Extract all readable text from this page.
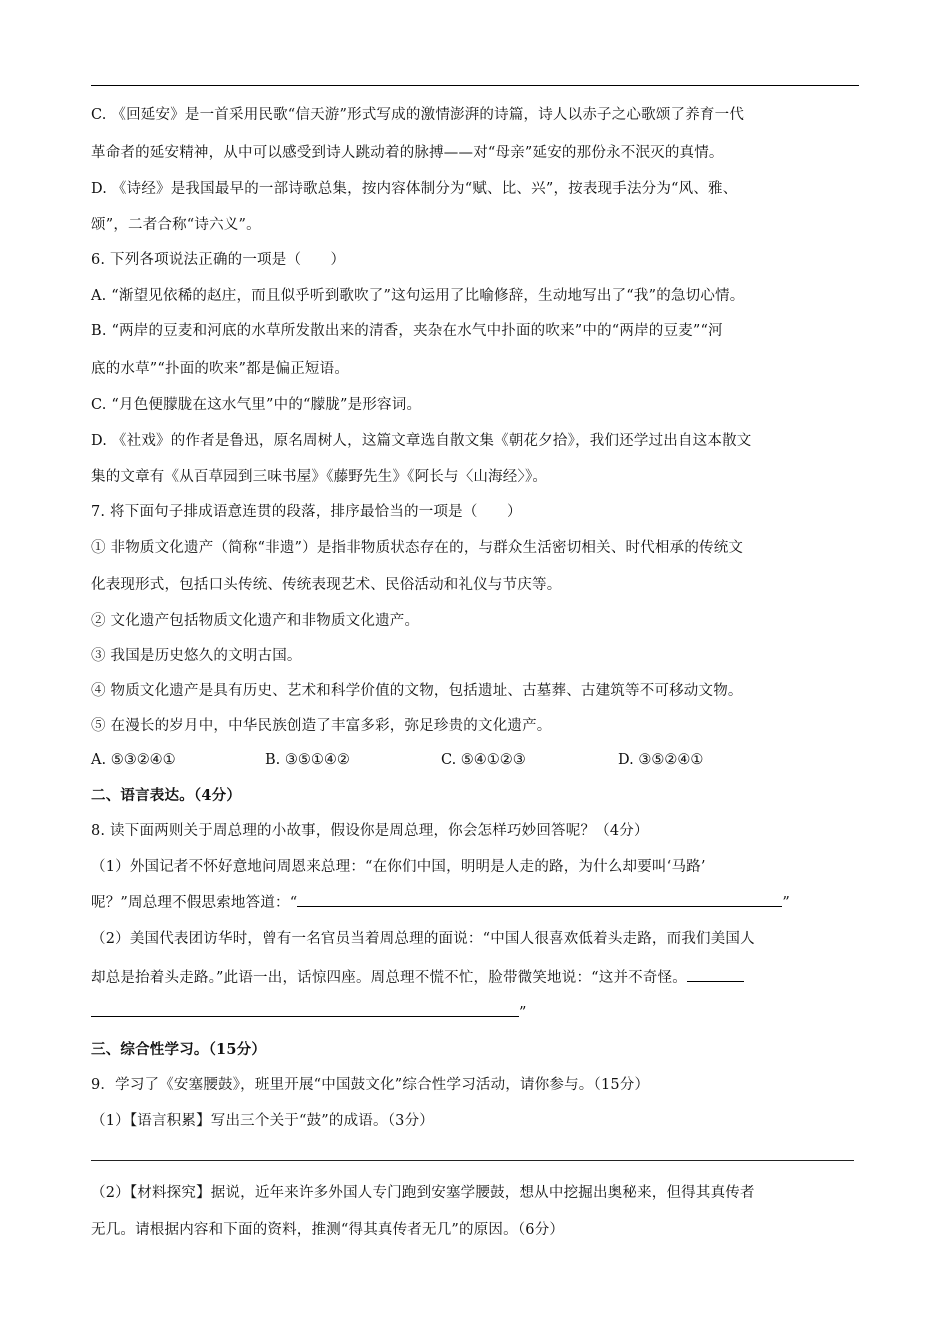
C. 《回延安》是一首采用民歌“信天游”形式写成的激情澎湃的诗篇，诗人以赤子之心歌颂了养育一代
革命者的延安精神，从中可以感受到诗人跳动着的脉搏——对“母亲”延安的那份永不泯灭的真情。
D. 《诗经》是我国最早的一部诗歌总集，按内容体制分为“赋、比、兴”，按表现手法分为“风、雅、
颂”，二者合称“诗六义”。
6. 下列各项说法正确的一项是（　　）
A. “渐望见依稀的赵庄，而且似乎听到歌吹了”这句运用了比喻修辞，生动地写出了“我”的急切心情。
B. “两岸的豆麦和河底的水草所发散出来的清香，夹杂在水气中扑面的吹来”中的“两岸的豆麦”“河
底的水草”“扑面的吹来”都是偏正短语。
C. “月色便朦胧在这水气里”中的“朦胧”是形容词。
D. 《社戏》的作者是鲁迅，原名周树人，这篇文章选自散文集《朝花夕拾》，我们还学过出自这本散文
集的文章有《从百草园到三味书屋》《藤野先生》《阿长与〈山海经〉》。
7. 将下面句子排成语意连贯的段落，排序最恰当的一项是（　　）
① 非物质文化遗产（简称“非遗”）是指非物质状态存在的，与群众生活密切相关、时代相承的传统文
化表现形式，包括口头传统、传统表现艺术、民俗活动和礼仪与节庆等。
② 文化遗产包括物质文化遗产和非物质文化遗产。
③ 我国是历史悠久的文明古国。
④ 物质文化遗产是具有历史、艺术和科学价值的文物，包括遗址、古墓葬、古建筑等不可移动文物。
⑤ 在漫长的岁月中，中华民族创造了丰富多彩，弥足珍贵的文化遗产。
A. ⑤③②④①	B. ③⑤①④②	C. ⑤④①②③	D. ③⑤②④①
二、语言表达。（4分）
8. 读下面两则关于周总理的小故事，假设你是周总理，你会怎样巧妙回答呢？（4分）
（1）外国记者不怀好意地问周恩来总理：“在你们中国，明明是人走的路，为什么却要叫‘马路’
呢？”周总理不假思索地答道：“	”
（2）美国代表团访华时，曾有一名官员当着周总理的面说：“中国人很喜欢低着头走路，而我们美国人
却总是抬着头走路。”此语一出，话惊四座。周总理不慌不忙，脸带微笑地说：“这并不奇怪。
”
三、综合性学习。（15分）
9．学习了《安塞腰鼓》，班里开展“中国鼓文化”综合性学习活动，请你参与。（15分）
（1）【语言积累】写出三个关于“鼓”的成语。（3分）
（2）【材料探究】据说，近年来许多外国人专门跑到安塞学腰鼓，想从中挖掘出奥秘来，但得其真传者
无几。请根据内容和下面的资料，推测“得其真传者无几”的原因。（6分）
